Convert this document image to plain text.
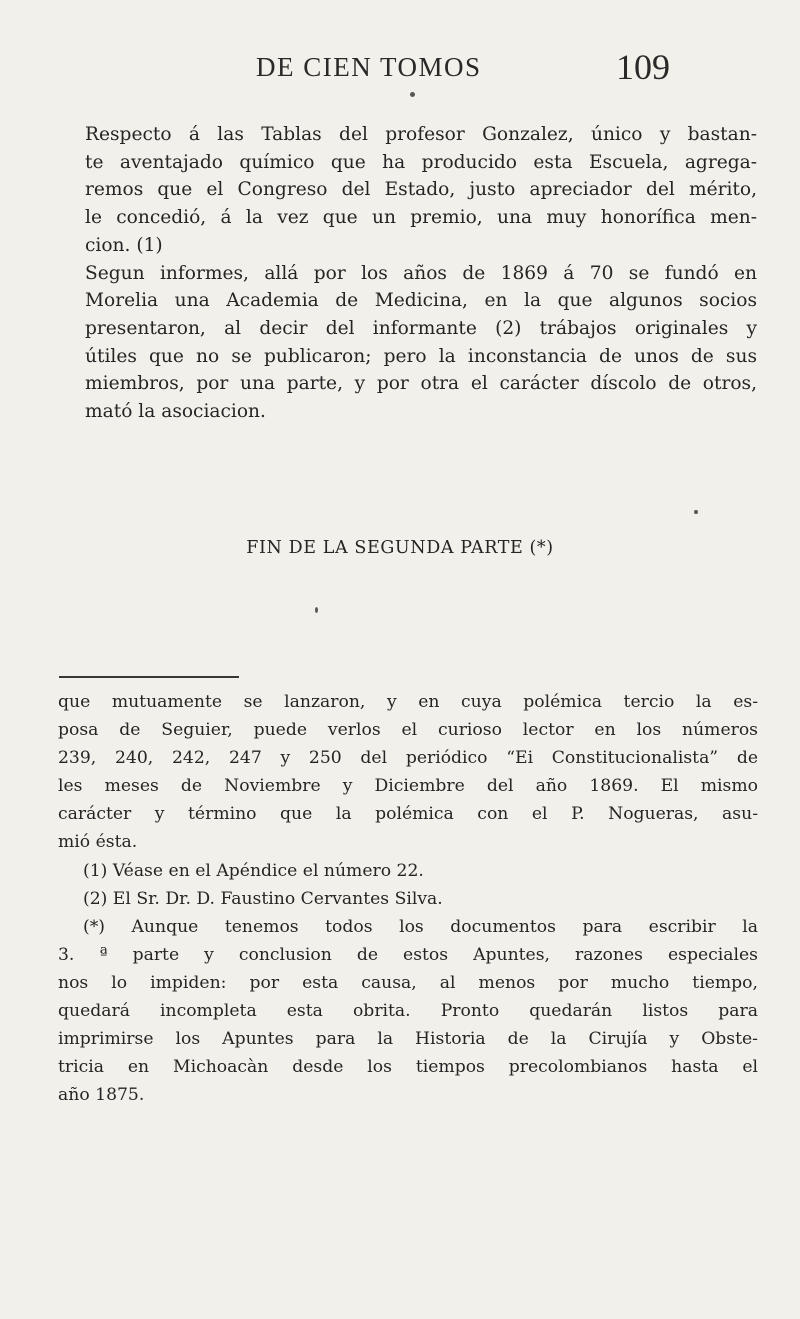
DE CIEN TOMOS	109

Respecto á las Tablas del profesor Gonzalez, único y bastan-
te aventajado químico que ha producido esta Escuela, agrega-
remos que el Congreso del Estado, justo apreciador del mérito,
le concedió, á la vez que un premio, una muy honorífica men-
cion. (1)

Segun informes, allá por los años de 1869 á 70 se fundó en
Morelia una Academia de Medicina, en la que algunos socios
presentaron, al decir del informante (2) trábajos originales y
útiles que no se publicaron; pero la inconstancia de unos de sus
miembros, por una parte, y por otra el carácter díscolo de otros,
mató la asociacion.

FIN DE LA SEGUNDA PARTE (*)

que mutuamente se lanzaron, y en cuya polémica tercio la es-
posa de Seguier, puede verlos el curioso lector en los números
239, 240, 242, 247 y 250 del periódico “Ei Constitucionalista” de
les meses de Noviembre y Diciembre del año 1869. El mismo
carácter y término que la polémica con el P. Nogueras, asu-
mió ésta.

(1) Véase en el Apéndice el número 22.

(2) El Sr. Dr. D. Faustino Cervantes Silva.

(*) Aunque tenemos todos los documentos para escribir la

3. ª parte y conclusion de estos Apuntes, razones especiales
nos lo impiden: por esta causa, al menos por mucho tiempo,
quedará incompleta esta obrita. Pronto quedarán listos para
imprimirse los Apuntes para la Historia de la Cirujía y Obste-
tricia en Michoacàn desde los tiempos precolombianos hasta el
año 1875.
